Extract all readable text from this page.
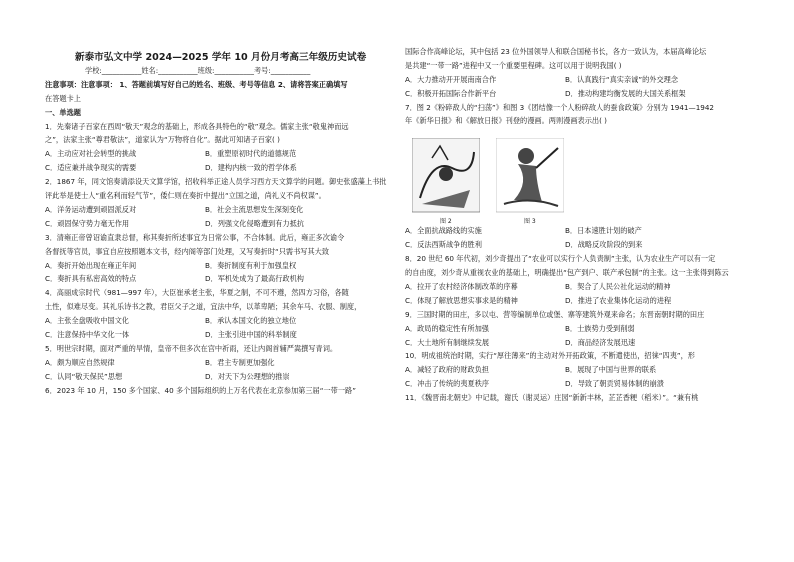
新泰市弘文中学 2024—2025 学年 10 月份月考高三年级历史试卷
学校:___________姓名:___________班级:___________考号:___________
注意事项：注意事项： 1、答题前填写好自己的姓名、班级、考号等信息 2、请将答案正确填写
在答题卡上
一、单选题
1．先秦诸子百家在西周“敬天”观念的基础上，形成各具特色的“敬”观念。儒家主张“敬鬼神而远
之”，法家主张“尊君敬法”，道家认为“万物将自化”。据此可知诸子百家( )
A．主动应对社会转型的挑战	B．重塑原初时代的道德规范
C．适应兼并战争现实的需要	D．建构内核一致的哲学体系
2．1867 年，同文馆奏请添设天文算学馆，招收科举正途人员学习西方天文算学的问题。御史张盛藻上书批
评此举是使士人“重名利而轻气节”，倭仁则在奏折中提出“立国之道，尚礼义不尚权谋”。
A．洋务运动遭到顽固派反对	B．社会主流思想发生深刻变化
C．顽固保守势力毫无作用	D．列强文化侵略遭到有力抵抗
3．清雍正帝曾诏谕直隶总督，称其奏折所述事宜为日常公事，不合体制。此后，雍正多次谕令
各督抚等官员，事宜自应按照题本文书，经内阁等部门处理，又写奏折时“只需书写其大致
A．奏折开始出现在雍正年间	B．奏折制度有利于加强皇权
C．奏折具有私密高效的特点	D．军机处成为了最高行政机构
4．高丽成宗时代（981—997 年），大臣崔承老主张，华夏之制，不可不遵，然四方习俗，各随
土性，似难尽变。其礼乐诗书之教，君臣父子之道，宜法中华，以革卑陋；其余车马、衣服、制度，
A．主张全盘吸收中国文化	B．承认本国文化的独立地位
C．注意保持中华文化一体	D．主张引进中国的科举制度
5．明世宗时期，面对严重的旱情，皇帝不但多次在宫中祈雨，还让内阁首辅严嵩撰写青词。
A．颇为顺应自然规律	B．君主专制更加强化
C．认同“敬天保民”思想	D．对天下为公理想的推崇
6．2023 年 10 月，150 多个国家、40 多个国际组织的上万名代表在北京参加第三届“一带一路”
国际合作高峰论坛，其中包括 23 位外国领导人和联合国秘书长，各方一致认为，本届高峰论坛
是共建“一带一路”进程中又一个重要里程碑。这可以用于说明我国( )
A．大力推动开开展南南合作	B．认真践行“真实亲诚”的外交理念
C．积极开拓国际合作新平台	D．推动构建均衡发展的大国关系框架
7．图 2《粉碎敌人的“扫荡”》和图 3《团结像一个人粉碎敌人的蚕食政策》分别为 1941—1942
年《新华日报》和《解放日报》刊登的漫画。两则漫画表示出( )
A．全面抗战路线的实施	B．日本速胜计划的破产
C．反法西斯战争的胜利	D．战略反攻阶段的到来
8．20 世纪 60 年代初，刘少奇提出了“农业可以实行个人负责制”主张，认为农业生产可以有一定
的自由度，刘少奇从重视农业的基础上，明确提出“包产到户、联产承包制”的主张。这一主张得到陈云
A．拉开了农村经济体制改革的序幕	B．契合了人民公社化运动的精神
C．体现了解放思想实事求是的精神	D．推进了农业集体化运动的进程
9．三国时期的田庄，多以屯、营等编制单位或堡、寨等建筑外观来命名；东晋南朝时期的田庄
A．政局的稳定性有所加强	B．士族势力受到削弱
C．大土地所有制继续发展	D．商品经济发展迅速
10．明成祖统治时期，实行“厚往薄来”的主动对外开拓政策，不断遣使出，招徕“四夷”，形
A．减轻了政府的财政负担	B．展现了中国与世界的联系
C．冲击了传统的夷夏秩序	D．导致了朝贡贸易体制的崩溃
11．《魏晋南北朝史》中记载，谢氏（谢灵运）庄园“新新丰林，芷芷香粳（稻米）”。“兼有桃
图 2	图 3
